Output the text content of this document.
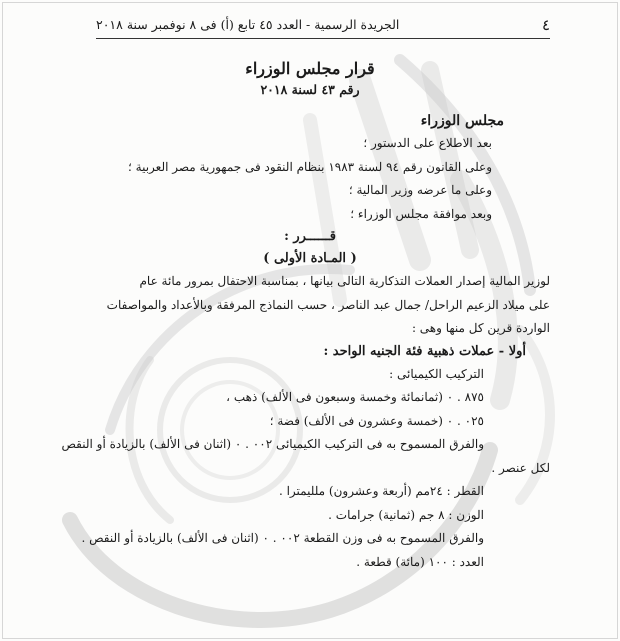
٤
الجريدة الرسمية - العدد ٤٥ تابع (أ) فى ٨ نوفمبر سنة ٢٠١٨
قرار مجلس الوزراء
رقم ٤٣ لسنة ٢٠١٨
مجلس الوزراء
بعد الاطلاع على الدستور ؛
وعلى القانون رقم ٩٤ لسنة ١٩٨٣ بنظام النقود فى جمهورية مصر العربية ؛
وعلى ما عرضه وزير المالية ؛
وبعد موافقة مجلس الوزراء ؛
قــــــرر :
( المـادة الأولى )
لوزير المالية إصدار العملات التذكارية التالى بيانها ، بمناسبة الاحتفال بمرور مائة عام
على ميلاد الزعيم الراحل/ جمال عبد الناصر ، حسب النماذج المرفقة وبالأعداد والمواصفات
الواردة قرين كل منها وهى :
أولا - عملات ذهبية فئة الجنيه الواحد :
التركيب الكيميائى :
٨٧٥ . ٠ (ثمانمائة وخمسة وسبعون فى الألف) ذهب ،
٠٢٥ . ٠ (خمسة وعشرون فى الألف) فضة ؛
والفرق المسموح به فى التركيب الكيميائى ٠٠٢ . ٠ (اثنان فى الألف) بالزيادة أو النقص
لكل عنصر .
القطر : ٢٤مم (أربعة وعشرون) ملليمترا .
الوزن : ٨ جم (ثمانية) جرامات .
والفرق المسموح به فى وزن القطعة ٠٠٢ . ٠ (اثنان فى الألف) بالزيادة أو النقص .
العدد : ١٠٠ (مائة) قطعة .
